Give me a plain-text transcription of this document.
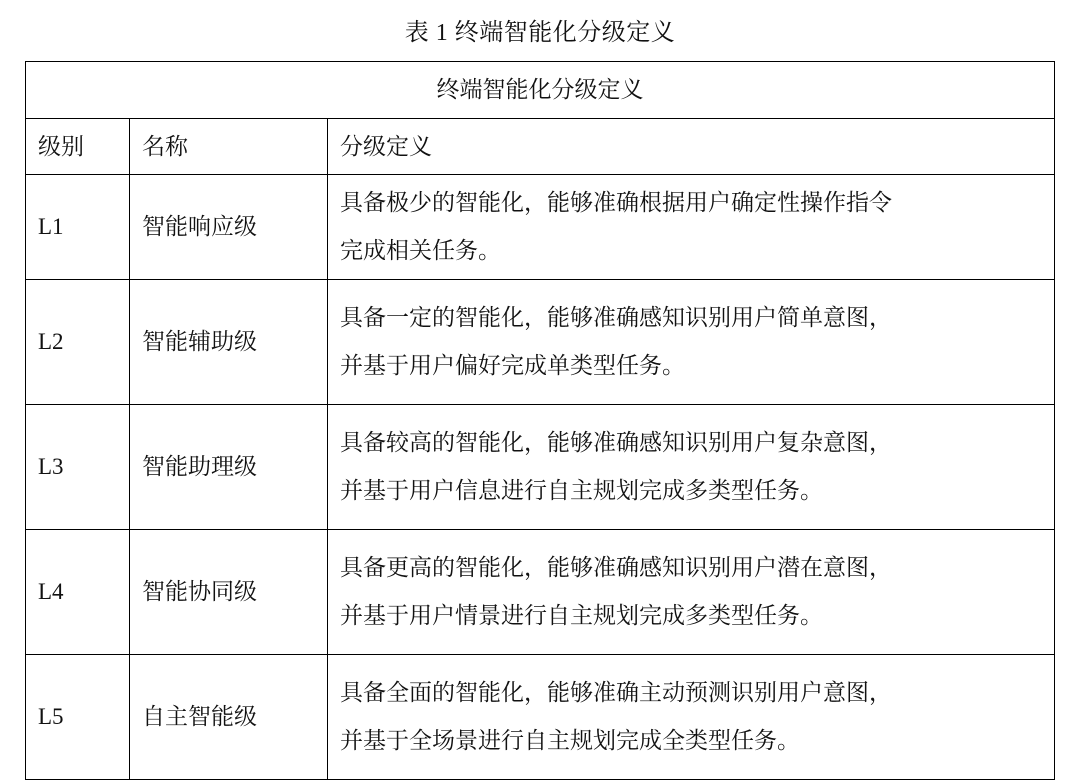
表 1 终端智能化分级定义
终端智能化分级定义		
级别	名称	分级定义
L1	智能响应级	具备极少的智能化，能够准确根据用户确定性操作指令
完成相关任务。

L2	智能辅助级	具备一定的智能化，能够准确感知识别用户简单意图，
并基于用户偏好完成单类型任务。

L3	智能助理级	具备较高的智能化，能够准确感知识别用户复杂意图，
并基于用户信息进行自主规划完成多类型任务。

L4	智能协同级	具备更高的智能化，能够准确感知识别用户潜在意图，
并基于用户情景进行自主规划完成多类型任务。

L5	自主智能级	具备全面的智能化，能够准确主动预测识别用户意图，
并基于全场景进行自主规划完成全类型任务。
